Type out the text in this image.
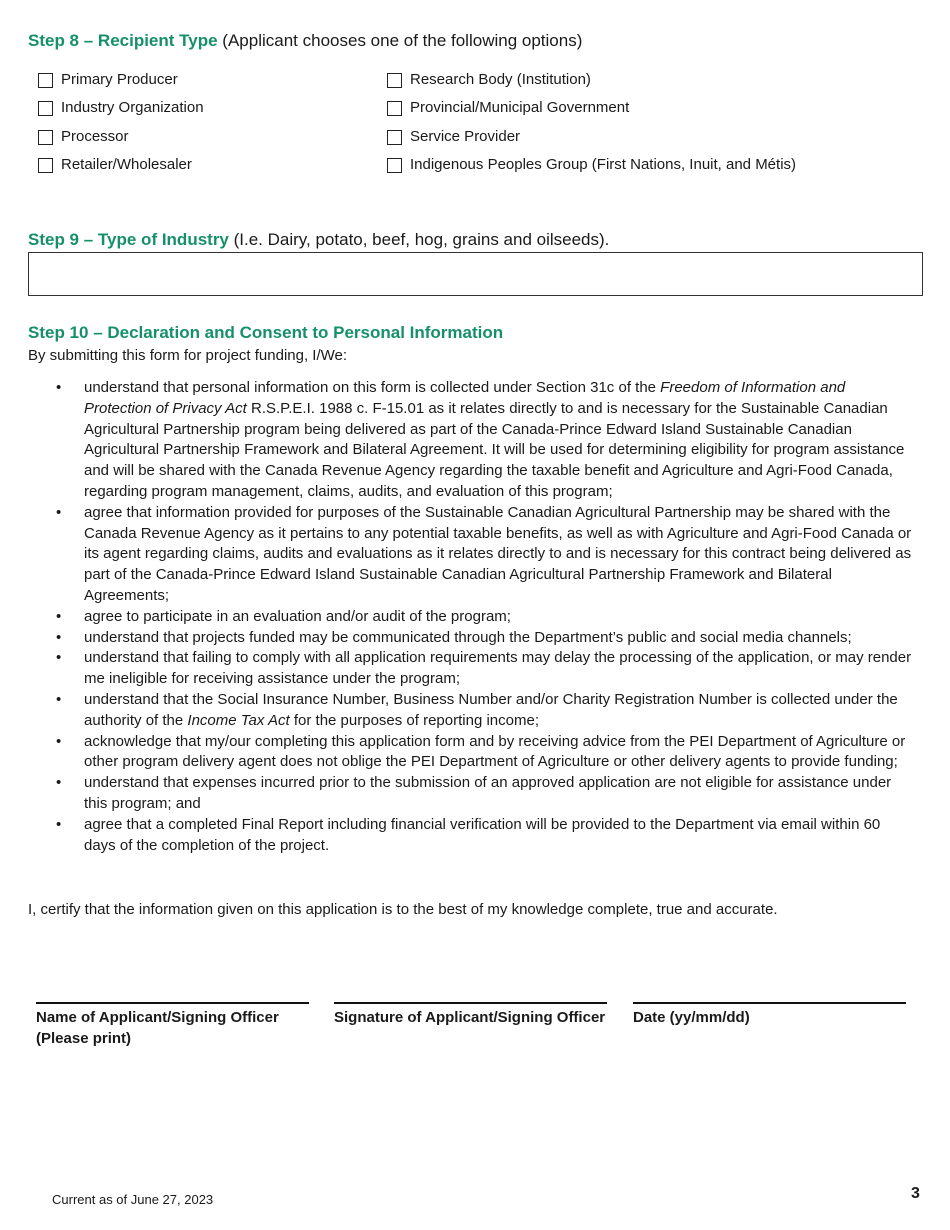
Step 8 – Recipient Type (Applicant chooses one of the following options)
Primary Producer
Industry Organization
Processor
Retailer/Wholesaler
Research Body (Institution)
Provincial/Municipal Government
Service Provider
Indigenous Peoples Group (First Nations, Inuit, and Métis)
Step 9 – Type of Industry (I.e. Dairy, potato, beef, hog, grains and oilseeds).
Step 10 – Declaration and Consent to Personal Information
By submitting this form for project funding, I/We:
• understand that personal information on this form is collected under Section 31c of the Freedom of Information and Protection of Privacy Act R.S.P.E.I. 1988 c. F-15.01 as it relates directly to and is necessary for the Sustainable Canadian Agricultural Partnership program being delivered as part of the Canada-Prince Edward Island Sustainable Canadian Agricultural Partnership Framework and Bilateral Agreement. It will be used for determining eligibility for program assistance and will be shared with the Canada Revenue Agency regarding the taxable benefit and Agriculture and Agri-Food Canada, regarding program management, claims, audits, and evaluation of this program;
• agree that information provided for purposes of the Sustainable Canadian Agricultural Partnership may be shared with the Canada Revenue Agency as it pertains to any potential taxable benefits, as well as with Agriculture and Agri-Food Canada or its agent regarding claims, audits and evaluations as it relates directly to and is necessary for this contract being delivered as part of the Canada-Prince Edward Island Sustainable Canadian Agricultural Partnership Framework and Bilateral Agreements;
• agree to participate in an evaluation and/or audit of the program;
• understand that projects funded may be communicated through the Department’s public and social media channels;
• understand that failing to comply with all application requirements may delay the processing of the application, or may render me ineligible for receiving assistance under the program;
• understand that the Social Insurance Number, Business Number and/or Charity Registration Number is collected under the authority of the Income Tax Act for the purposes of reporting income;
• acknowledge that my/our completing this application form and by receiving advice from the PEI Department of Agriculture or other program delivery agent does not oblige the PEI Department of Agriculture or other delivery agents to provide funding;
• understand that expenses incurred prior to the submission of an approved application are not eligible for assistance under this program; and
• agree that a completed Final Report including financial verification will be provided to the Department via email within 60 days of the completion of the project.
I, certify that the information given on this application is to the best of my knowledge complete, true and accurate.
Name of Applicant/Signing Officer
(Please print)
Signature of Applicant/Signing Officer Date (yy/mm/dd)
Current as of June 27, 2023	3
